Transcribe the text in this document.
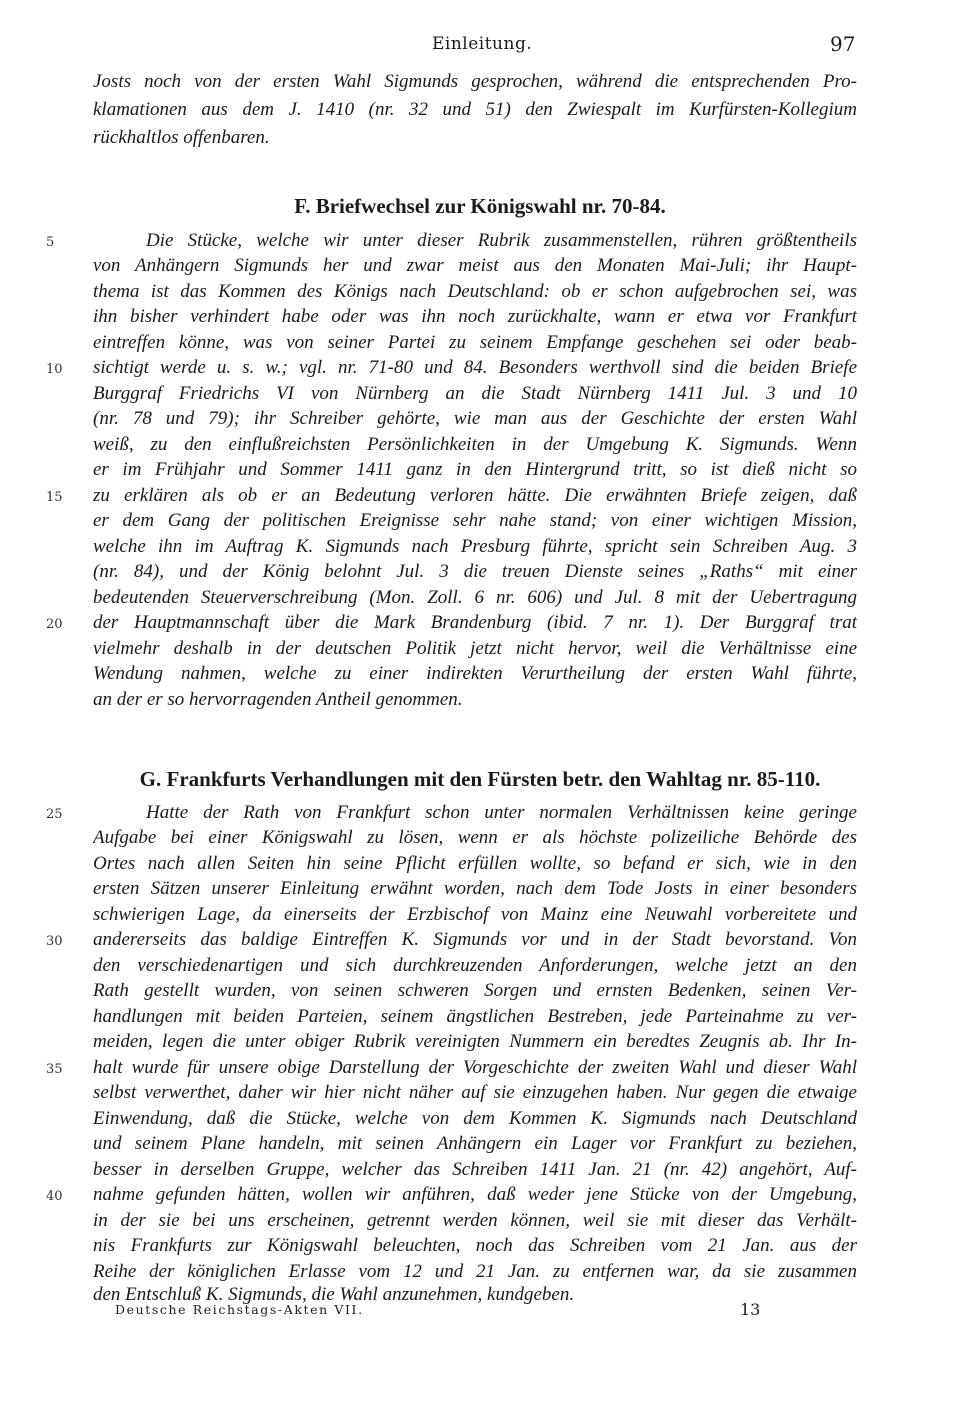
Einleitung.	97
Josts noch von der ersten Wahl Sigmunds gesprochen, während die entsprechenden Pro-
klamationen aus dem J. 1410 (nr. 32 und 51) den Zwiespalt im Kurfürsten-Kollegium
rückhaltlos offenbaren.
F. Briefwechsel zur Königswahl nr. 70-84.
Die Stücke, welche wir unter dieser Rubrik zusammenstellen, rühren größtentheils
von Anhängern Sigmunds her und zwar meist aus den Monaten Mai-Juli; ihr Haupt-
thema ist das Kommen des Königs nach Deutschland: ob er schon aufgebrochen sei, was
ihn bisher verhindert habe oder was ihn noch zurückhalte, wann er etwa vor Frankfurt
eintreffen könne, was von seiner Partei zu seinem Empfange geschehen sei oder beab-
sichtigt werde u. s. w.; vgl. nr. 71-80 und 84. Besonders werthvoll sind die beiden Briefe
Burggraf Friedrichs VI von Nürnberg an die Stadt Nürnberg 1411 Jul. 3 und 10
(nr. 78 und 79); ihr Schreiber gehörte, wie man aus der Geschichte der ersten Wahl
weiß, zu den einflußreichsten Persönlichkeiten in der Umgebung K. Sigmunds. Wenn
er im Frühjahr und Sommer 1411 ganz in den Hintergrund tritt, so ist dieß nicht so
zu erklären als ob er an Bedeutung verloren hätte. Die erwähnten Briefe zeigen, daß
er dem Gang der politischen Ereignisse sehr nahe stand; von einer wichtigen Mission,
welche ihn im Auftrag K. Sigmunds nach Presburg führte, spricht sein Schreiben Aug. 3
(nr. 84), und der König belohnt Jul. 3 die treuen Dienste seines „Raths“ mit einer
bedeutenden Steuerverschreibung (Mon. Zoll. 6 nr. 606) und Jul. 8 mit der Uebertragung
der Hauptmannschaft über die Mark Brandenburg (ibid. 7 nr. 1). Der Burggraf trat
vielmehr deshalb in der deutschen Politik jetzt nicht hervor, weil die Verhältnisse eine
Wendung nahmen, welche zu einer indirekten Verurtheilung der ersten Wahl führte,
an der er so hervorragenden Antheil genommen.
G. Frankfurts Verhandlungen mit den Fürsten betr. den Wahltag nr. 85-110.
Hatte der Rath von Frankfurt schon unter normalen Verhältnissen keine geringe
Aufgabe bei einer Königswahl zu lösen, wenn er als höchste polizeiliche Behörde des
Ortes nach allen Seiten hin seine Pflicht erfüllen wollte, so befand er sich, wie in den
ersten Sätzen unserer Einleitung erwähnt worden, nach dem Tode Josts in einer besonders
schwierigen Lage, da einerseits der Erzbischof von Mainz eine Neuwahl vorbereitete und
andererseits das baldige Eintreffen K. Sigmunds vor und in der Stadt bevorstand. Von
den verschiedenartigen und sich durchkreuzenden Anforderungen, welche jetzt an den
Rath gestellt wurden, von seinen schweren Sorgen und ernsten Bedenken, seinen Ver-
handlungen mit beiden Parteien, seinem ängstlichen Bestreben, jede Parteinahme zu ver-
meiden, legen die unter obiger Rubrik vereinigten Nummern ein beredtes Zeugnis ab. Ihr In-
halt wurde für unsere obige Darstellung der Vorgeschichte der zweiten Wahl und dieser Wahl
selbst verwerthet, daher wir hier nicht näher auf sie einzugehen haben. Nur gegen die etwaige
Einwendung, daß die Stücke, welche von dem Kommen K. Sigmunds nach Deutschland
und seinem Plane handeln, mit seinen Anhängern ein Lager vor Frankfurt zu beziehen,
besser in derselben Gruppe, welcher das Schreiben 1411 Jan. 21 (nr. 42) angehört, Auf-
nahme gefunden hätten, wollen wir anführen, daß weder jene Stücke von der Umgebung,
in der sie bei uns erscheinen, getrennt werden können, weil sie mit dieser das Verhält-
nis Frankfurts zur Königswahl beleuchten, noch das Schreiben vom 21 Jan. aus der
Reihe der königlichen Erlasse vom 12 und 21 Jan. zu entfernen war, da sie zusammen
den Entschluß K. Sigmunds, die Wahl anzunehmen, kundgeben.
5
10
15
20
25
30
35
40
Deutsche Reichstags-Akten VII.	13
